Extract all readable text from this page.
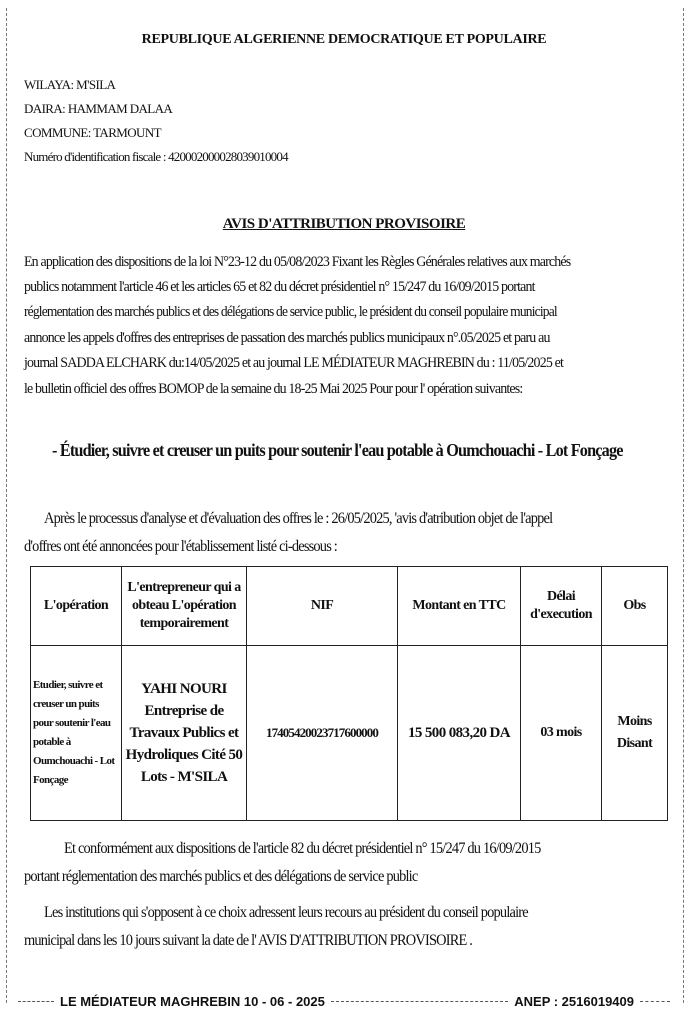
REPUBLIQUE ALGERIENNE DEMOCRATIQUE ET POPULAIRE
WILAYA: M'SILA
DAIRA: HAMMAM DALAA
COMMUNE: TARMOUNT
Numéro d'identification fiscale : 420002000028039010004
AVIS D'ATTRIBUTION PROVISOIRE
En application des dispositions de la loi N°23-12 du 05/08/2023 Fixant les Règles Générales relatives aux marchés
publics notamment l'article 46 et les articles 65 et 82 du décret présidentiel n° 15/247 du 16/09/2015 portant
réglementation des marchés publics et des délégations de service public, le président du conseil populaire municipal
annonce les appels d'offres des entreprises de passation des marchés publics municipaux n°.05/2025 et paru au
journal SADDA ELCHARK du:14/05/2025 et au journal LE MÉDIATEUR MAGHREBIN du : 11/05/2025 et
le bulletin officiel des offres BOMOP de la semaine du 18-25 Mai 2025 Pour pour l' opération suivantes:
- Étudier, suivre et creuser un puits pour soutenir l'eau potable à Oumchouachi - Lot Fonçage
Après le processus d'analyse et d'évaluation des offres le : 26/05/2025, 'avis d'atribution objet de l'appel
d'offres ont été annoncées pour l'établissement listé ci-dessous :
L'opération	L'entrepreneur qui a obteau L'opération temporairement	NIF	Montant en TTC	Délai d'execution	Obs
Etudier, suivre et creuser un puits pour soutenir l'eau potable à Oumchouachi - Lot Fonçage	YAHI NOURI Entreprise de Travaux Publics et Hydroliques Cité 50 Lots - M'SILA	17405420023717600000	15 500 083,20 DA	03 mois	Moins Disant
Et conformément aux dispositions de l'article 82 du décret présidentiel n° 15/247 du 16/09/2015
portant réglementation des marchés publics et des délégations de service public
Les institutions qui s'opposent à ce choix adressent leurs recours au président du conseil populaire
municipal dans les 10 jours suivant la date de l' AVIS D'ATTRIBUTION PROVISOIRE .
LE MÉDIATEUR MAGHREBIN 10 - 06 - 2025	ANEP : 2516019409
